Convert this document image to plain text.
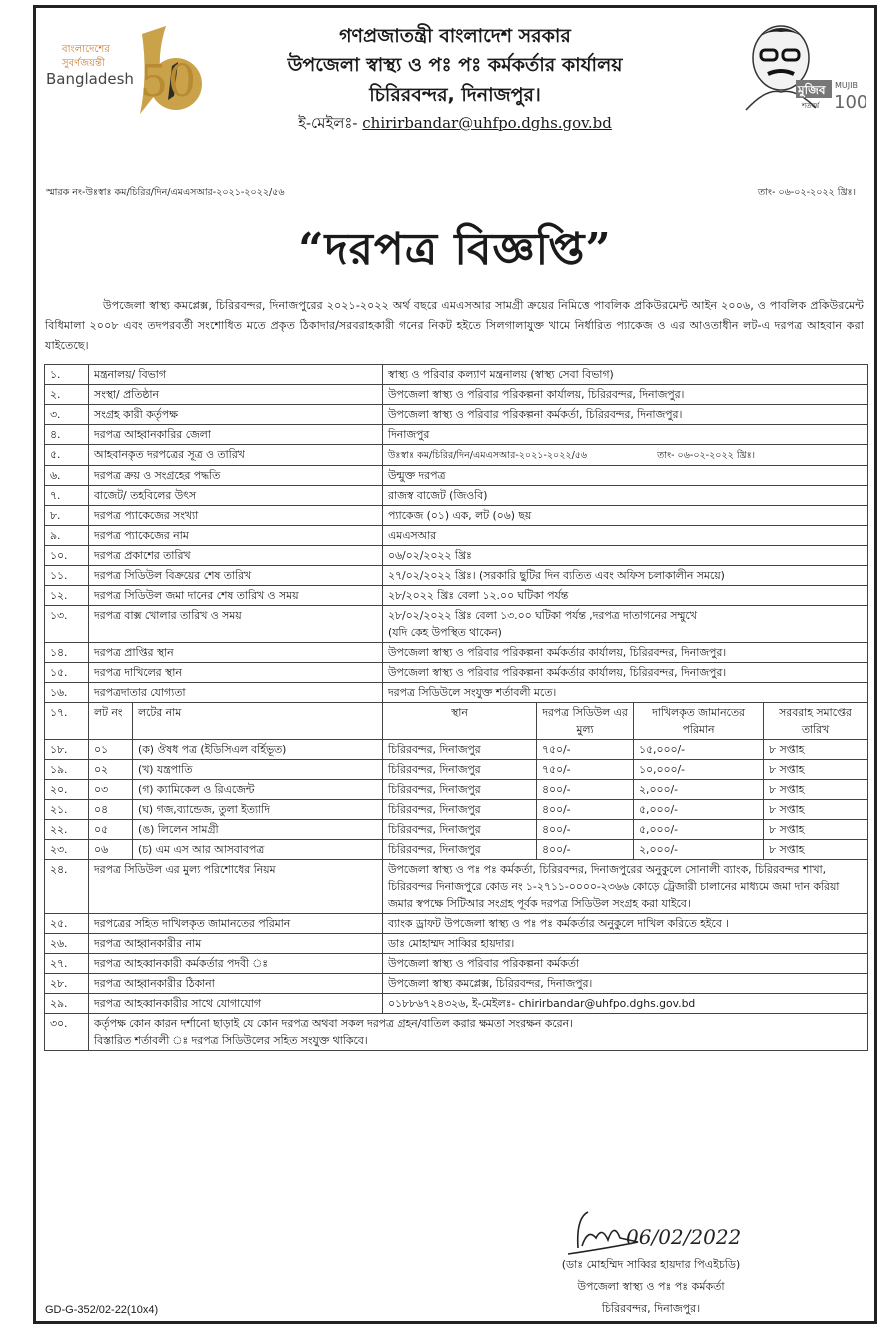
বাংলাদেশের
সুবর্ণজয়ন্তী
Bangladesh 50	মুজিব
শতবর্ষ
MUJIB
100
গণপ্রজাতন্ত্রী বাংলাদেশ সরকার
উপজেলা স্বাস্থ্য ও পঃ পঃ কর্মকর্তার কার্যালয়
চিরিরবন্দর, দিনাজপুর।
ই-মেইলঃ- chirirbandar@uhfpo.dghs.gov.bd
স্মারক নং-উঃস্বাঃ কম/চিরির/দিন/এমএসআর-২০২১-২০২২/৫৬	তাং- ০৬-০২-২০২২ খ্রিঃ।
“দরপত্র বিজ্ঞপ্তি”
উপজেলা স্বাস্থ্য কমপ্লেক্স, চিরিরবন্দর, দিনাজপুরের ২০২১-২০২২ অর্থ বছরে এমএসআর সামগ্রী ক্রয়ের নিমিত্তে পাবলিক প্রকিউরমেন্ট আইন ২০০৬, ও পাবলিক প্রকিউরমেন্ট বিধিমালা ২০০৮ এবং তদপরবর্তী সংশোধিত মতে প্রকৃত ঠিকাদার/সরবরাহকারী গনের নিকট হইতে সিলগালাযুক্ত খামে নির্ধারিত প্যাকেজ ও এর আওতাধীন লট-এ দরপত্র আহবান করা যাইতেছে।
১.	মন্ত্রনালয়/ বিভাগ		স্বাস্থ্য ও পরিবার কল্যাণ মন্ত্রনালয় (স্বাস্থ্য সেবা বিভাগ)			
২.	সংস্থা/ প্রতিষ্ঠান		উপজেলা স্বাস্থ্য ও পরিবার পরিকল্পনা কার্যালয়, চিরিরবন্দর, দিনাজপুর।			
৩.	সংগ্রহ কারী কর্তৃপক্ষ		উপজেলা স্বাস্থ্য ও পরিবার পরিকল্পনা কর্মকর্তা, চিরিরবন্দর, দিনাজপুর।			
৪.	দরপত্র আহ্বানকারির জেলা		দিনাজপুর			
৫.	আহবানকৃত দরপত্রের সূত্র ও তারিখ		উঃস্বাঃ কম/চিরির/দিন/এমএসআর-২০২১-২০২২/৫৬ তাং- ০৬-০২-২০২২ খ্রিঃ।			
৬.	দরপত্র ক্রয় ও সংগ্রহের পদ্ধতি		উন্মুক্ত দরপত্র			
৭.	বাজেট/ তহবিলের উৎস		রাজস্ব বাজেট (জিওবি)			
৮.	দরপত্র প্যাকেজের সংখ্যা		প্যাকেজ (০১) এক, লট (০৬) ছয়			
৯.	দরপত্র প্যাকেজের নাম		এমএসআর			
১০.	দরপত্র প্রকাশের তারিখ		০৬/০২/২০২২ খ্রিঃ			
১১.	দরপত্র সিডিউল বিক্রয়ের শেষ তারিখ		২৭/০২/২০২২ খ্রিঃ। (সরকারি ছুটির দিন ব্যতিত এবং অফিস চলাকালীন সময়ে)			
১২.	দরপত্র সিডিউল জমা দানের শেষ তারিখ ও সময়		২৮/২০২২ খ্রিঃ বেলা ১২.০০ ঘটিকা পর্যন্ত			
১৩.	দরপত্র বাক্স খোলার তারিখ ও সময়		২৮/০২/২০২২ খ্রিঃ বেলা ১৩.০০ ঘটিকা পর্যন্ত ,দরপত্র দাতাগনের সম্মুখে
(যদি কেহ উপস্থিত থাকেন)			

১৪.	দরপত্র প্রাপ্তির স্থান		উপজেলা স্বাস্থ্য ও পরিবার পরিকল্পনা কর্মকর্তার কার্যালয়, চিরিরবন্দর, দিনাজপুর।			
১৫.	দরপত্র দাখিলের স্থান		উপজেলা স্বাস্থ্য ও পরিবার পরিকল্পনা কর্মকর্তার কার্যালয়, চিরিরবন্দর, দিনাজপুর।			
১৬.	দরপত্রদাতার যোগ্যতা		দরপত্র সিডিউলে সংযুক্ত শর্তাবলী মতে।			
১৭.	লট নং	লটের নাম	স্থান	দরপত্র সিডিউল এর মুল্য	দাখিলকৃত জামানতের পরিমান	সরবরাহ সমাপ্তের তারিখ
১৮.	০১	(ক) ঔষধ পত্র (ইডিসিএল বর্হিভূত)	চিরিরবন্দর, দিনাজপুর	৭৫০/-	১৫,০০০/-	৮ সপ্তাহ
১৯.	০২	(খ) যন্ত্রপাতি	চিরিরবন্দর, দিনাজপুর	৭৫০/-	১০,০০০/-	৮ সপ্তাহ
২০.	০৩	(গ) ক্যামিকেল ও রিএজেন্ট	চিরিরবন্দর, দিনাজপুর	৪০০/-	২,০০০/-	৮ সপ্তাহ
২১.	০৪	(ঘ) গজ,ব্যান্ডেজ, তুলা ইত্যাদি	চিরিরবন্দর, দিনাজপুর	৪০০/-	৫,০০০/-	৮ সপ্তাহ
২২.	০৫	(ঙ) লিলেন সামগ্রী	চিরিরবন্দর, দিনাজপুর	৪০০/-	৫,০০০/-	৮ সপ্তাহ
২৩.	০৬	(চ) এম এস আর আসবাবপত্র	চিরিরবন্দর, দিনাজপুর	৪০০/-	২,০০০/-	৮ সপ্তাহ
২৪.	দরপত্র সিডিউল এর মুল্য পরিশোধের নিয়ম		উপজেলা স্বাস্থ্য ও পঃ পঃ কর্মকর্তা, চিরিরবন্দর, দিনাজপুরের অনুকুলে সোনালী ব্যাংক, চিরিরবন্দর শাখা, চিরিরবন্দর দিনাজপুরে কোড নং ১-২৭১১-০০০০-২৩৬৬ কোড়ে ট্রেজারী চালানের মাধ্যমে জমা দান করিয়া জমার স্বপক্ষে সিটিআর সংগ্রহ পূর্বক দরপত্র সিডিউল সংগ্রহ করা যাইবে।			
২৫.	দরপত্রের সহিত দাখিলকৃত জামানতের পরিমান		ব্যাংক ড্রাফট উপজেলা স্বাস্থ্য ও পঃ পঃ কর্মকর্তার অনুকুলে দাখিল করিতে হইবে ।			
২৬.	দরপত্র আহ্বানকারীর নাম		ডাঃ মোহাম্মদ সাব্বির হায়দার।			
২৭.	দরপত্র আহব্বানকারী কর্মকর্তার পদবী ঃ		উপজেলা স্বাস্থ্য ও পরিবার পরিকল্পনা কর্মকর্তা			
২৮.	দরপত্র আহ্বানকারীর ঠিকানা		উপজেলা স্বাস্থ্য কমপ্লেক্স, চিরিরবন্দর, দিনাজপুর।			
২৯.	দরপত্র আহব্বানকারীর সাথে যোগাযোগ		০১৮৮৬৭২৪৩২৬, ই-মেইলঃ- chirirbandar@uhfpo.dghs.gov.bd			
৩০.	কর্তৃপক্ষ কোন কারন দর্শানো ছাড়াই যে কোন দরপত্র অথবা সকল দরপত্র গ্রহন/বাতিল করার ক্ষমতা সংরক্ষন করেন।
বিস্তারিত শর্তাবলী ঃ দরপত্র সিডিউলের সহিত সংযুক্ত থাকিবে।					
06/02/2022
(ডাঃ মোহম্মিদ সাব্বির হায়দার পিএইচডি)
উপজেলা স্বাস্থ্য ও পঃ পঃ কর্মকর্তা
চিরিরবন্দর, দিনাজপুর।
GD-G-352/02-22(10x4)
